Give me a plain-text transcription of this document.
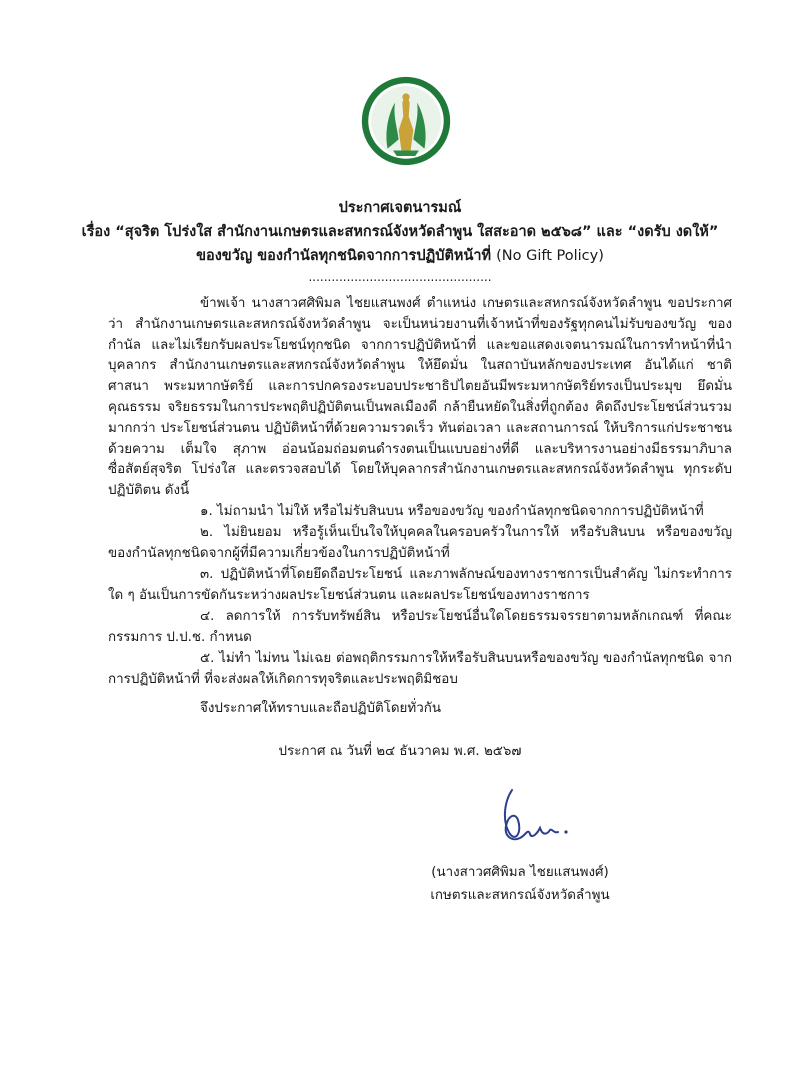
ประกาศเจตนารมณ์
เรื่อง “สุจริต โปร่งใส สำนักงานเกษตรและสหกรณ์จังหวัดลำพูน ใสสะอาด ๒๕๖๘” และ “งดรับ งดให้”
ของขวัญ ของกำนัลทุกชนิดจากการปฏิบัติหน้าที่ (No Gift Policy)
................................................
ข้าพเจ้า นางสาวศศิพิมล ไชยแสนพงศ์ ตำแหน่ง เกษตรและสหกรณ์จังหวัดลำพูน ขอประกาศว่า สำนักงานเกษตรและสหกรณ์จังหวัดลำพูน จะเป็นหน่วยงานที่เจ้าหน้าที่ของรัฐทุกคนไม่รับของขวัญ ของกำนัล และไม่เรียกรับผลประโยชน์ทุกชนิด จากการปฏิบัติหน้าที่ และขอแสดงเจตนารมณ์ในการทำหน้าที่นำบุคลากร สำนักงานเกษตรและสหกรณ์จังหวัดลำพูน ให้ยึดมั่น ในสถาบันหลักของประเทศ อันได้แก่ ชาติ ศาสนา พระมหากษัตริย์ และการปกครองระบอบประชาธิปไตยอันมีพระมหากษัตริย์ทรงเป็นประมุข ยึดมั่นคุณธรรม จริยธรรมในการประพฤติปฏิบัติตนเป็นพลเมืองดี กล้ายืนหยัดในสิ่งที่ถูกต้อง คิดถึงประโยชน์ส่วนรวมมากกว่า ประโยชน์ส่วนตน ปฏิบัติหน้าที่ด้วยความรวดเร็ว ทันต่อเวลา และสถานการณ์ ให้บริการแก่ประชาชนด้วยความ เต็มใจ สุภาพ อ่อนน้อมถ่อมตนดำรงตนเป็นแบบอย่างที่ดี และบริหารงานอย่างมีธรรมาภิบาล ซื่อสัตย์สุจริต โปร่งใส และตรวจสอบได้ โดยให้บุคลากรสำนักงานเกษตรและสหกรณ์จังหวัดลำพูน ทุกระดับปฏิบัติตน ดังนี้
๑. ไม่ถามนำ ไม่ให้ หรือไม่รับสินบน หรือของขวัญ ของกำนัลทุกชนิดจากการปฏิบัติหน้าที่
๒. ไม่ยินยอม หรือรู้เห็นเป็นใจให้บุคคลในครอบครัวในการให้ หรือรับสินบน หรือของขวัญ ของกำนัลทุกชนิดจากผู้ที่มีความเกี่ยวข้องในการปฏิบัติหน้าที่
๓. ปฏิบัติหน้าที่โดยยึดถือประโยชน์ และภาพลักษณ์ของทางราชการเป็นสำคัญ ไม่กระทำการใด ๆ อันเป็นการขัดกันระหว่างผลประโยชน์ส่วนตน และผลประโยชน์ของทางราชการ
๔. ลดการให้ การรับทรัพย์สิน หรือประโยชน์อื่นใดโดยธรรมจรรยาตามหลักเกณฑ์ ที่คณะกรรมการ ป.ป.ช. กำหนด
๕. ไม่ทำ ไม่ทน ไม่เฉย ต่อพฤติกรรมการให้หรือรับสินบนหรือของขวัญ ของกำนัลทุกชนิด จากการปฏิบัติหน้าที่ ที่จะส่งผลให้เกิดการทุจริตและประพฤติมิชอบ
จึงประกาศให้ทราบและถือปฏิบัติโดยทั่วกัน
ประกาศ ณ วันที่ ๒๔ ธันวาคม พ.ศ. ๒๕๖๗
(นางสาวศศิพิมล ไชยแสนพงศ์)
เกษตรและสหกรณ์จังหวัดลำพูน
